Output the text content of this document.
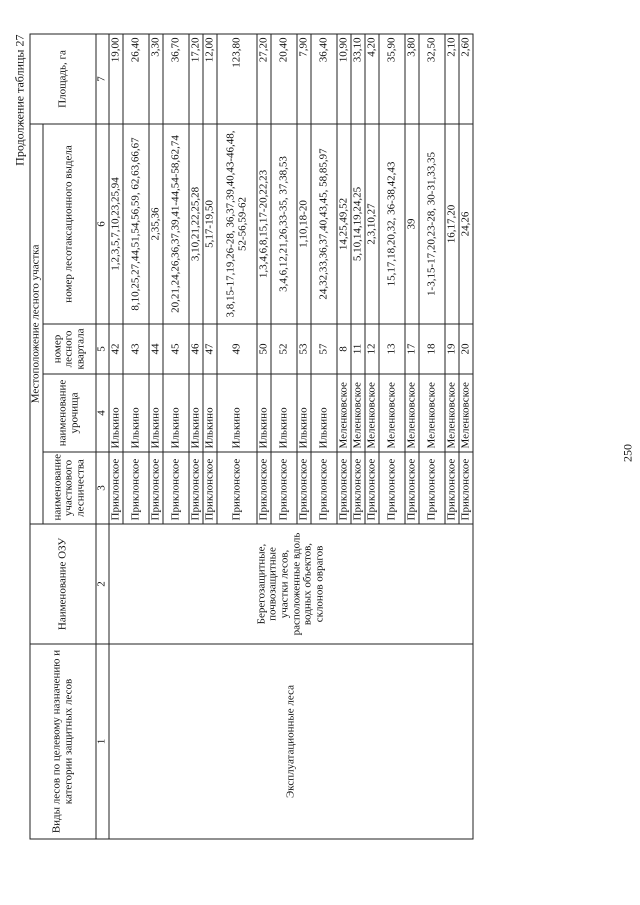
250
Продолжение таблицы 27
Виды лесов по целевому назначению и категории защитных лесов	Наименование ОЗУ	Местоположение лесного участка				Площадь, га
		наименование участкового лесничества	наименование урочища	номер лесного квартала	номер лесотаксационного выдела	
1	2	3	4	5	6	7
Эксплуатационные леса	Берегозащитные, почвозащитные участки лесов, расположенные вдоль водных объектов, склонов оврагов	Приклонское	Илькино	42	1,2,3,5,7,10,23,25,94	19,00
		Приклонское	Илькино	43	8,10,25,27,44,51,54,56,59, 62,63,66,67	26,40
		Приклонское	Илькино	44	2,35,36	3,30
		Приклонское	Илькино	45	20,21,24,26,36,37,39,41-44,54-58,62,74	36,70
		Приклонское	Илькино	46	3,10,21,22,25,28	17,20
		Приклонское	Илькино	47	5,17-19,50	12,00
		Приклонское	Илькино	49	3,8,15-17,19,26-28, 36,37,39,40,43-46,48, 52-56,59-62	123,80
		Приклонское	Илькино	50	1,3,4,6,8,15,17-20,22,23	27,20
		Приклонское	Илькино	52	3,4,6,12,21,26,33-35, 37,38,53	20,40
		Приклонское	Илькино	53	1,10,18-20	7,90
		Приклонское	Илькино	57	24,32,33,36,37,40,43,45, 58,85,97	36,40
		Приклонское	Меленковское	8	14,25,49,52	10,90
		Приклонское	Меленковское	11	5,10,14,19,24,25	33,10
		Приклонское	Меленковское	12	2,3,10,27	4,20
		Приклонское	Меленковское	13	15,17,18,20,32, 36-38,42,43	35,90
		Приклонское	Меленковское	17	39	3,80
		Приклонское	Меленковское	18	1-3,15-17,20,23-28, 30-31,33,35	32,50
		Приклонское	Меленковское	19	16,17,20	2,10
		Приклонское	Меленковское	20	24,26	2,60
